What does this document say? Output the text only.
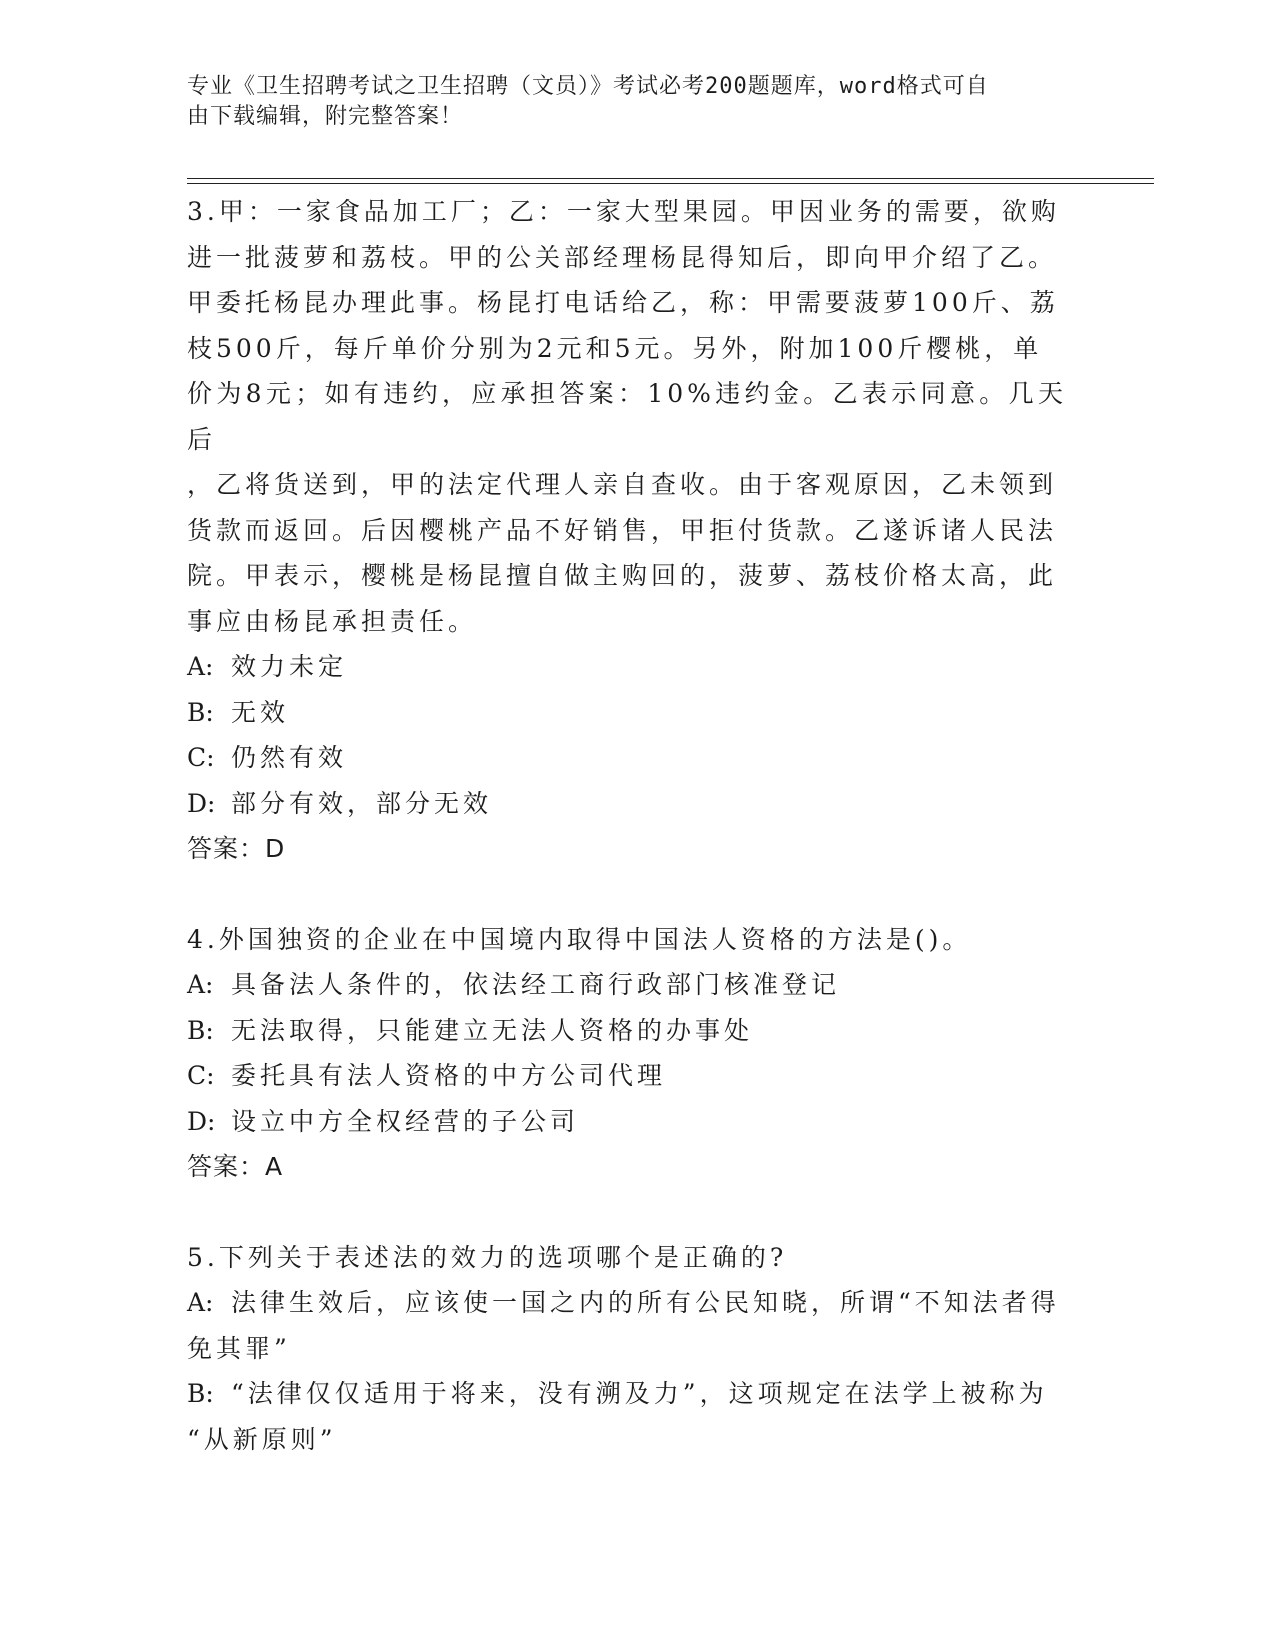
专业《卫生招聘考试之卫生招聘（文员）》考试必考200题题库，word格式可自
由下载编辑，附完整答案！
3.甲：一家食品加工厂；乙：一家大型果园。甲因业务的需要，欲购
进一批菠萝和荔枝。甲的公关部经理杨昆得知后，即向甲介绍了乙。
甲委托杨昆办理此事。杨昆打电话给乙，称：甲需要菠萝100斤、荔
枝500斤，每斤单价分别为2元和5元。另外，附加100斤樱桃，单
价为8元；如有违约，应承担答案：10%违约金。乙表示同意。几天后
，乙将货送到，甲的法定代理人亲自查收。由于客观原因，乙未领到
货款而返回。后因樱桃产品不好销售，甲拒付货款。乙遂诉诸人民法
院。甲表示，樱桃是杨昆擅自做主购回的，菠萝、荔枝价格太高，此
事应由杨昆承担责任。
A: 效力未定
B: 无效
C: 仍然有效
D: 部分有效，部分无效
答案：D
4.外国独资的企业在中国境内取得中国法人资格的方法是()。
A: 具备法人条件的，依法经工商行政部门核准登记
B: 无法取得，只能建立无法人资格的办事处
C: 委托具有法人资格的中方公司代理
D: 设立中方全权经营的子公司
答案：A
5.下列关于表述法的效力的选项哪个是正确的?
A: 法律生效后，应该使一国之内的所有公民知晓，所谓“不知法者得
免其罪”
B: “法律仅仅适用于将来，没有溯及力”，这项规定在法学上被称为
“从新原则”
